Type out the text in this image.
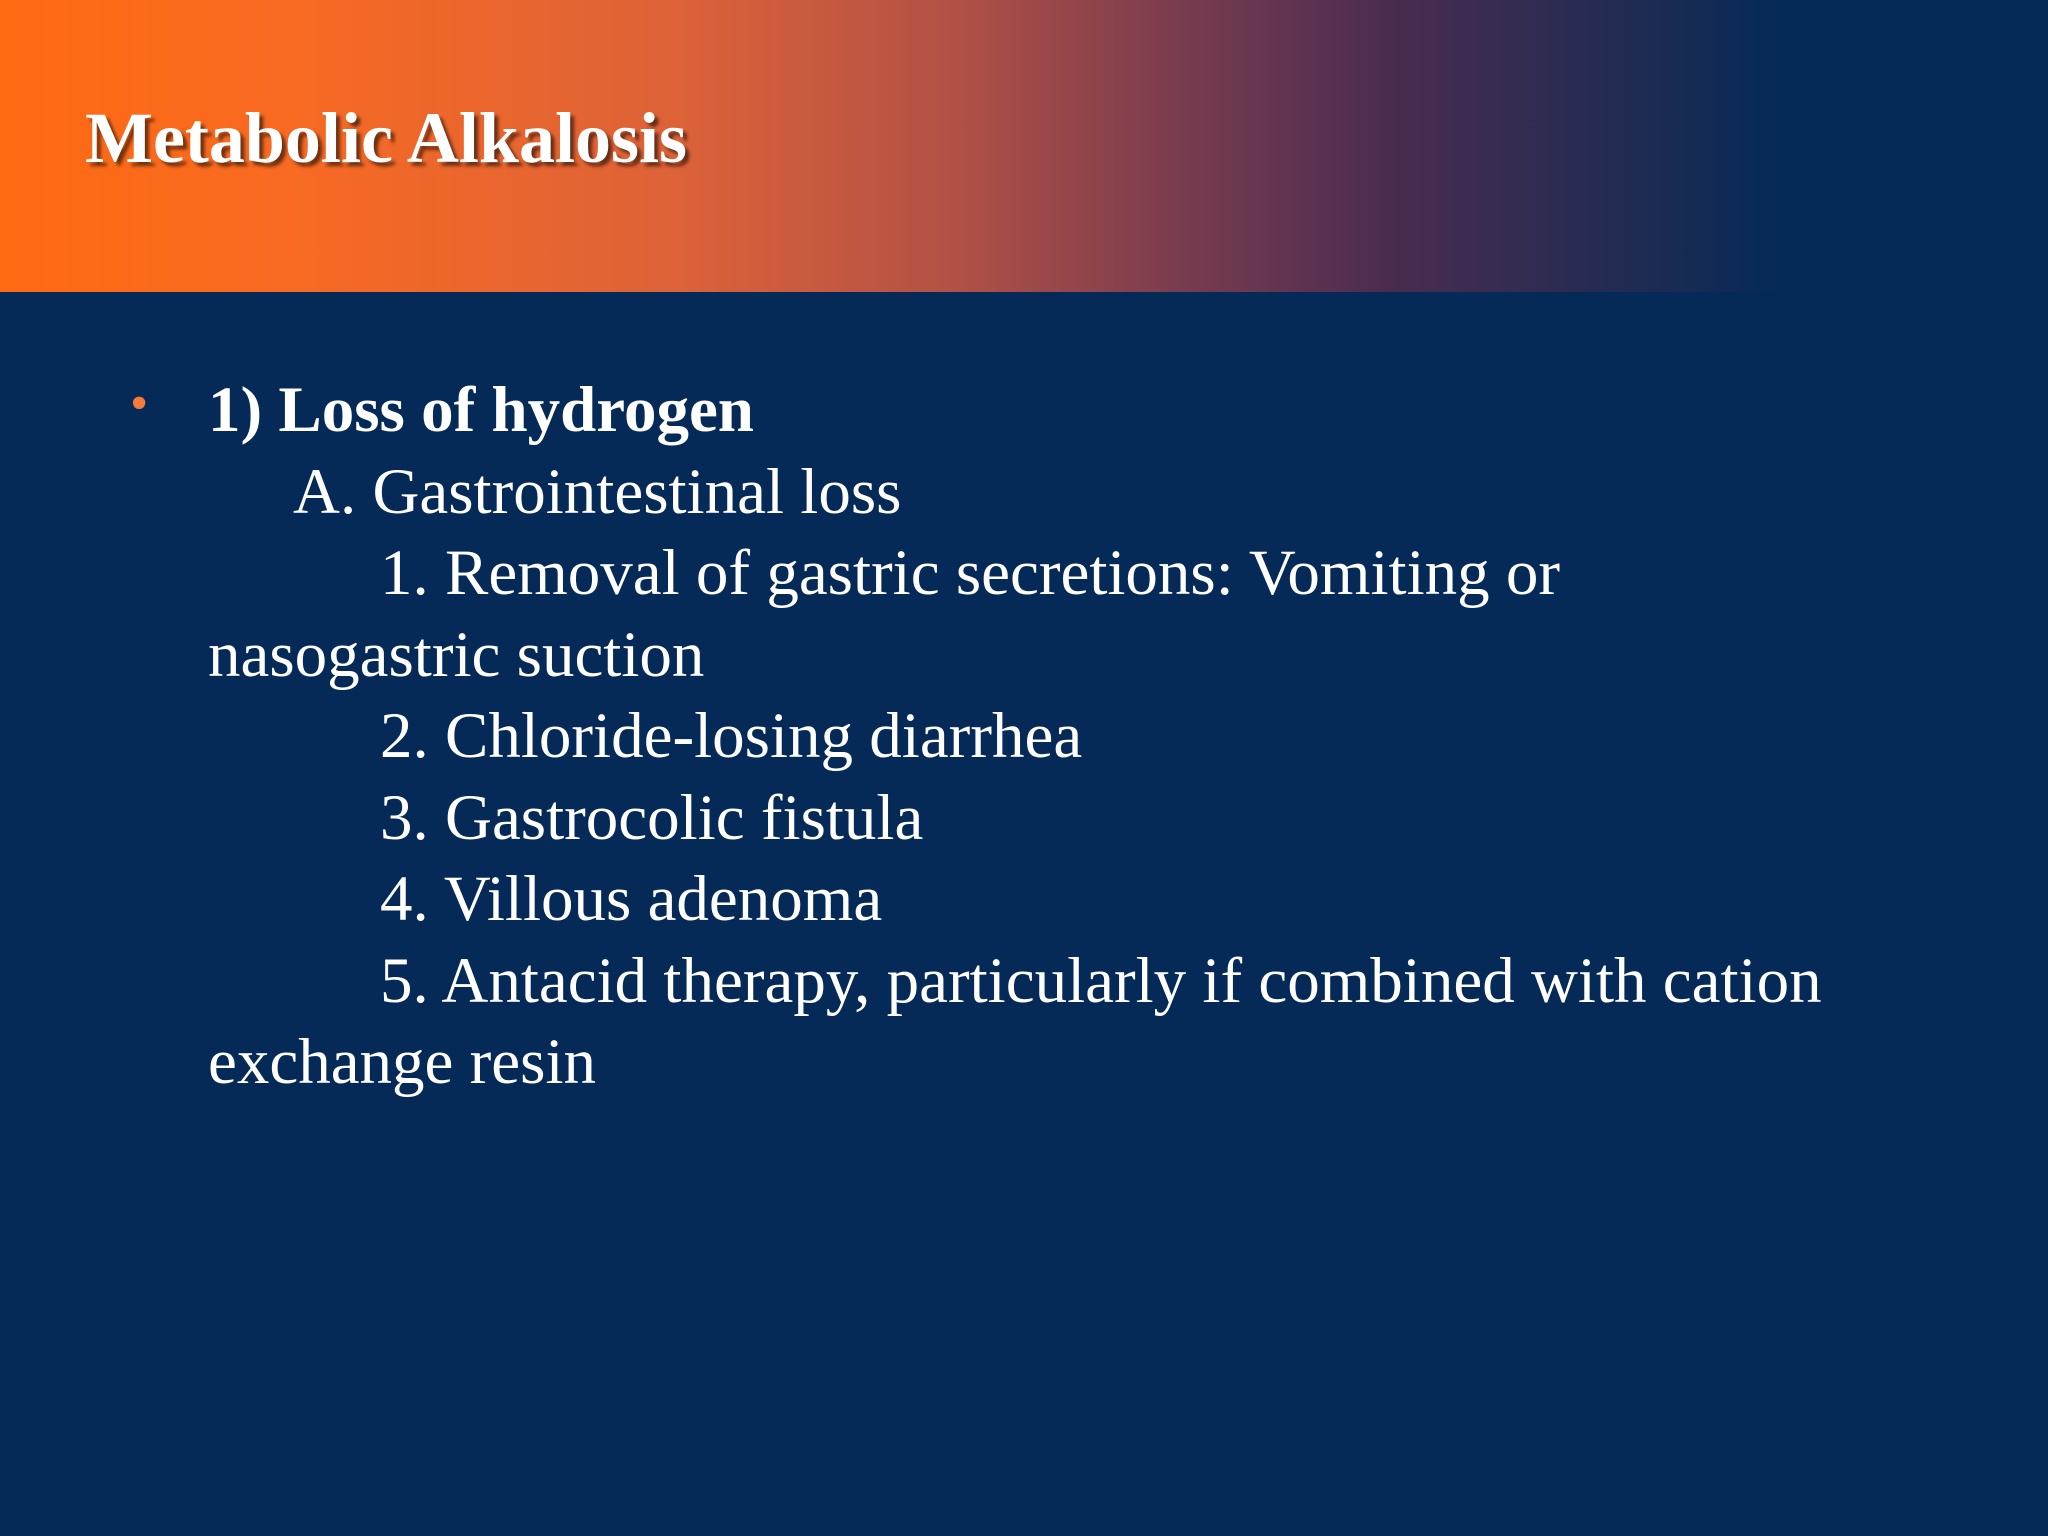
Metabolic Alkalosis
• 1) Loss of hydrogen

A. Gastrointestinal loss

1. Removal of gastric secretions: Vomiting or

nasogastric suction

2. Chloride-losing diarrhea

3. Gastrocolic fistula

4. Villous adenoma

5. Antacid therapy, particularly if combined with cation

exchange resin
